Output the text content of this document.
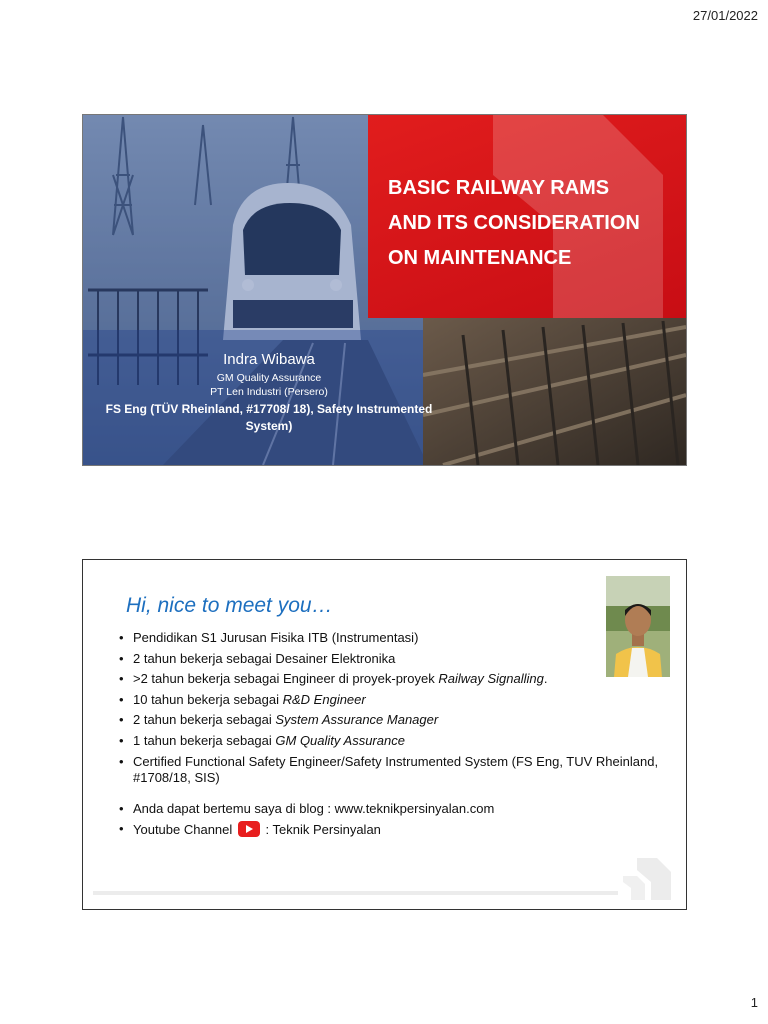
27/01/2022
BASIC RAILWAY RAMS
AND ITS CONSIDERATION
ON MAINTENANCE
Indra Wibawa
GM Quality Assurance
PT Len Industri (Persero)
FS Eng (TÜV Rheinland, #17708/ 18), Safety Instrumented System)
Hi, nice to meet you…
• Pendidikan S1 Jurusan Fisika ITB (Instrumentasi)
• 2 tahun bekerja sebagai Desainer Elektronika
• >2 tahun bekerja sebagai Engineer di proyek-proyek Railway Signalling.
• 10 tahun bekerja sebagai R&D Engineer
• 2 tahun bekerja sebagai System Assurance Manager
• 1 tahun bekerja sebagai GM Quality Assurance
• Certified Functional Safety Engineer/Safety Instrumented System (FS Eng, TUV Rheinland, #1708/18, SIS)
• Anda dapat bertemu saya di blog : www.teknikpersinyalan.com
• Youtube Channel	: Teknik Persinyalan
1
